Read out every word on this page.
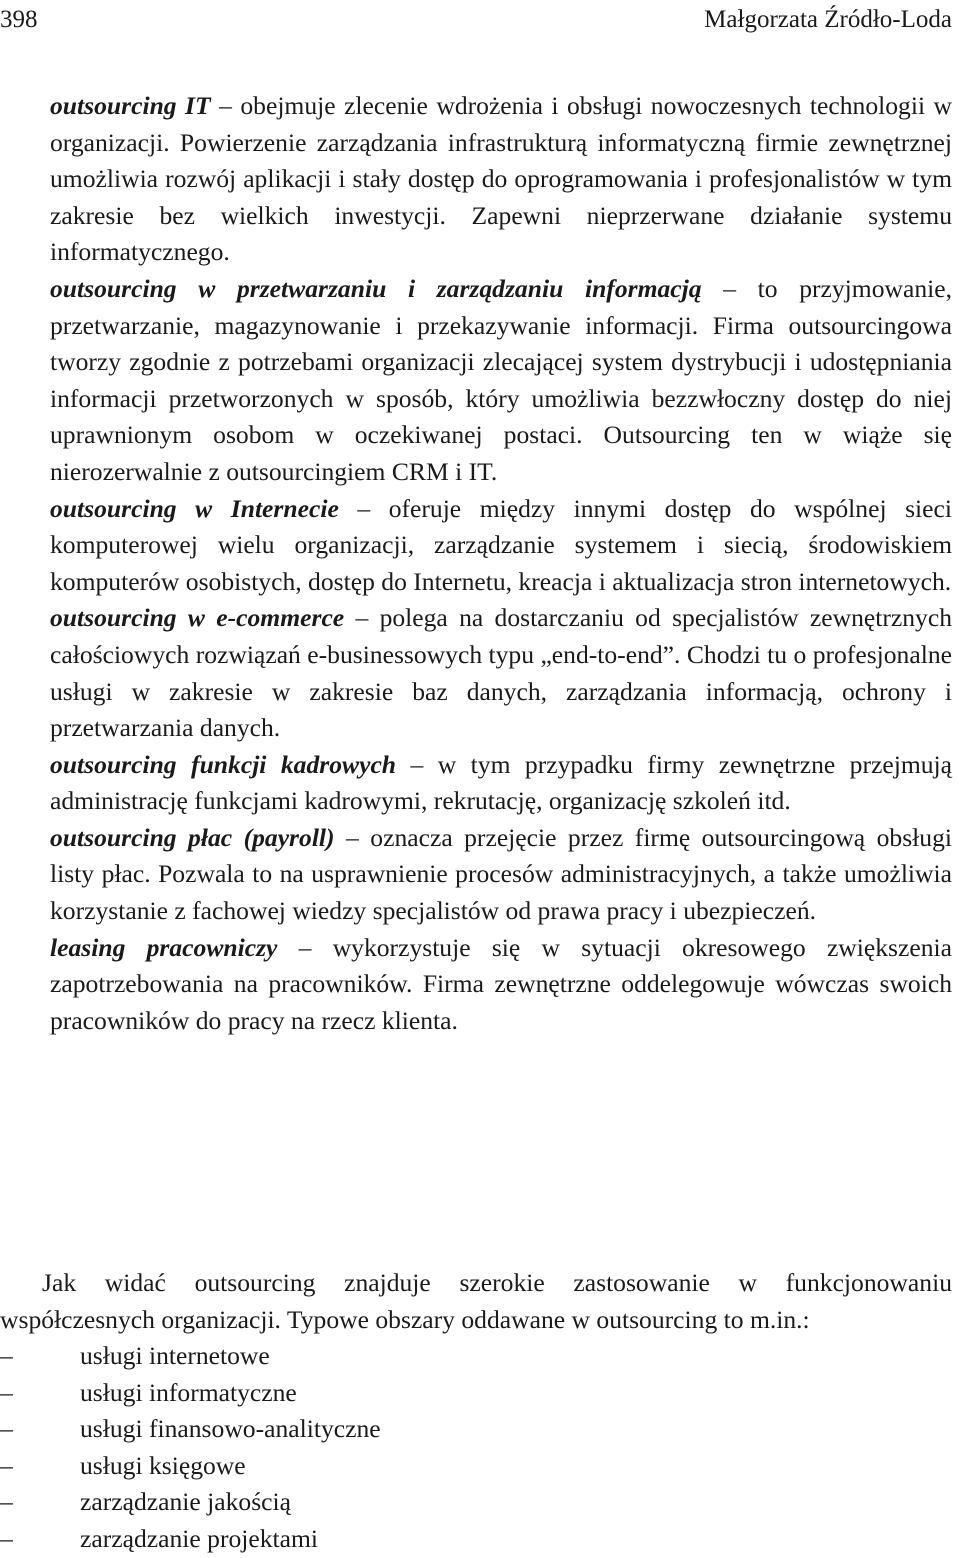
398	Małgorzata Źródło-Loda

outsourcing IT – obejmuje zlecenie wdrożenia i obsługi nowoczesnych technologii w organizacji. Powierzenie zarządzania infrastrukturą informatyczną firmie zewnętrznej umożliwia rozwój aplikacji i stały dostęp do oprogramowania i profesjonalistów w tym zakresie bez wielkich inwestycji. Zapewni nieprzerwane działanie systemu informatycznego.

outsourcing w przetwarzaniu i zarządzaniu informacją – to przyjmowanie, przetwarzanie, magazynowanie i przekazywanie informacji. Firma outsourcingowa tworzy zgodnie z potrzebami organizacji zlecającej system dystrybucji i udostępniania informacji przetworzonych w sposób, który umożliwia bezzwłoczny dostęp do niej uprawnionym osobom w oczekiwanej postaci. Outsourcing ten w wiąże się nierozerwalnie z outsourcingiem CRM i IT.

outsourcing w Internecie – oferuje między innymi dostęp do wspólnej sieci komputerowej wielu organizacji, zarządzanie systemem i siecią, środowiskiem komputerów osobistych, dostęp do Internetu, kreacja i aktualizacja stron internetowych.

outsourcing w e-commerce – polega na dostarczaniu od specjalistów zewnętrznych całościowych rozwiązań e-businessowych typu „end-to-end”. Chodzi tu o profesjonalne usługi w zakresie w zakresie baz danych, zarządzania informacją, ochrony i przetwarzania danych.

outsourcing funkcji kadrowych – w tym przypadku firmy zewnętrzne przejmują administrację funkcjami kadrowymi, rekrutację, organizację szkoleń itd.

outsourcing płac (payroll) – oznacza przejęcie przez firmę outsourcingową obsługi listy płac. Pozwala to na usprawnienie procesów administracyjnych, a także umożliwia korzystanie z fachowej wiedzy specjalistów od prawa pracy i ubezpieczeń.

leasing pracowniczy – wykorzystuje się w sytuacji okresowego zwiększenia zapotrzebowania na pracowników. Firma zewnętrzne oddelegowuje wówczas swoich pracowników do pracy na rzecz klienta.

Jak widać outsourcing znajduje szerokie zastosowanie w funkcjonowaniu współczesnych organizacji. Typowe obszary oddawane w outsourcing to m.in.:

–	usługi internetowe
–	usługi informatyczne
–	usługi finansowo-analityczne
–	usługi księgowe
–	zarządzanie jakością
–	zarządzanie projektami
